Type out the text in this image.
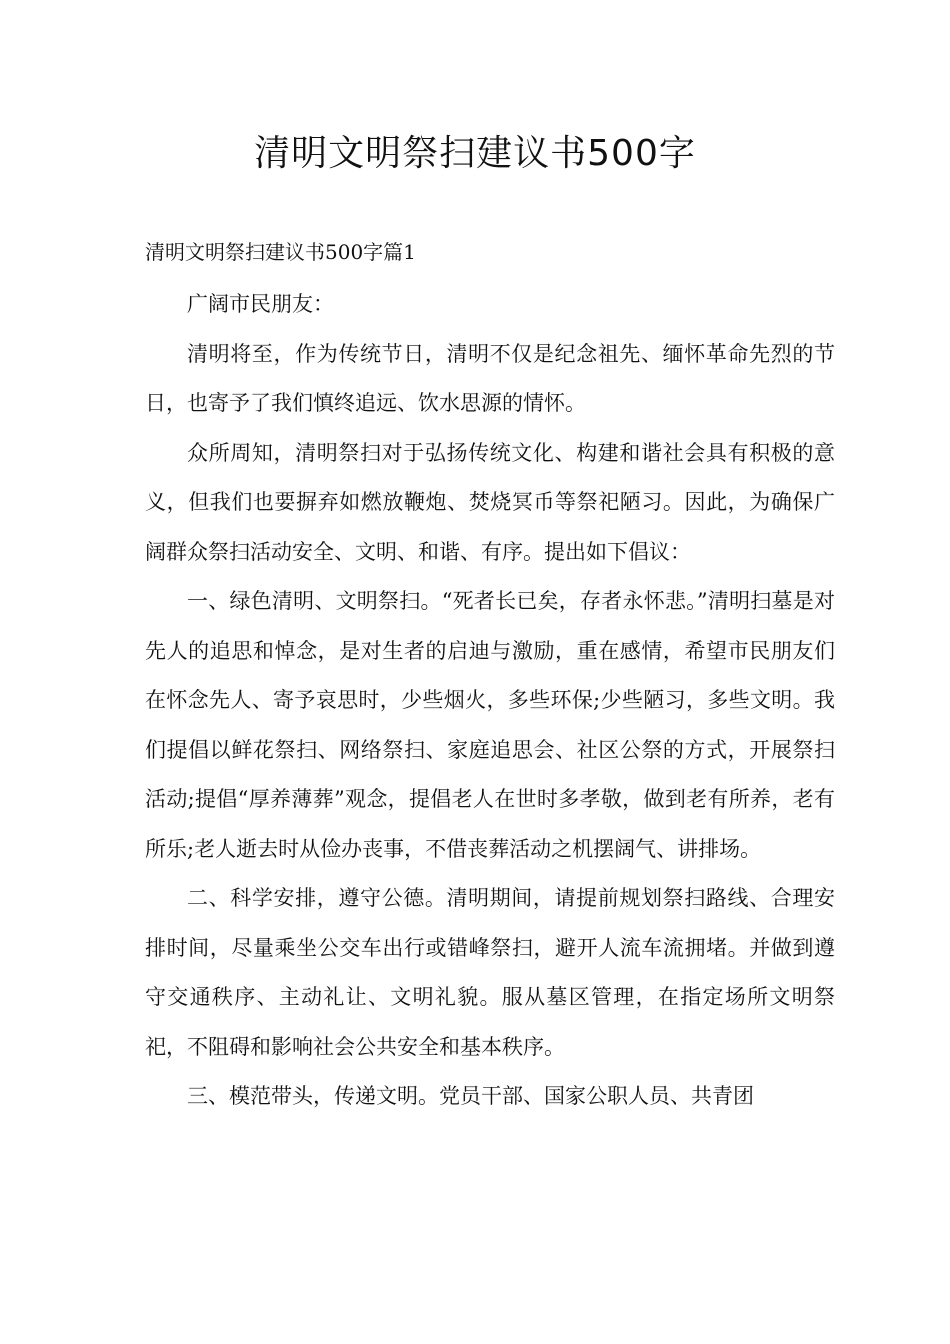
清明文明祭扫建议书500字

清明文明祭扫建议书500字篇1

广阔市民朋友：

清明将至，作为传统节日，清明不仅是纪念祖先、缅怀革命先烈的节日，也寄予了我们慎终追远、饮水思源的情怀。

众所周知，清明祭扫对于弘扬传统文化、构建和谐社会具有积极的意义，但我们也要摒弃如燃放鞭炮、焚烧冥币等祭祀陋习。因此，为确保广阔群众祭扫活动安全、文明、和谐、有序。提出如下倡议：

一、绿色清明、文明祭扫。“死者长已矣，存者永怀悲。”清明扫墓是对先人的追思和悼念，是对生者的启迪与激励，重在感情，希望市民朋友们在怀念先人、寄予哀思时，少些烟火，多些环保;少些陋习，多些文明。我们提倡以鲜花祭扫、网络祭扫、家庭追思会、社区公祭的方式，开展祭扫活动;提倡“厚养薄葬”观念，提倡老人在世时多孝敬，做到老有所养，老有所乐;老人逝去时从俭办丧事，不借丧葬活动之机摆阔气、讲排场。

二、科学安排，遵守公德。清明期间，请提前规划祭扫路线、合理安排时间，尽量乘坐公交车出行或错峰祭扫，避开人流车流拥堵。并做到遵守交通秩序、主动礼让、文明礼貌。服从墓区管理，在指定场所文明祭祀，不阻碍和影响社会公共安全和基本秩序。

三、模范带头，传递文明。党员干部、国家公职人员、共青团
